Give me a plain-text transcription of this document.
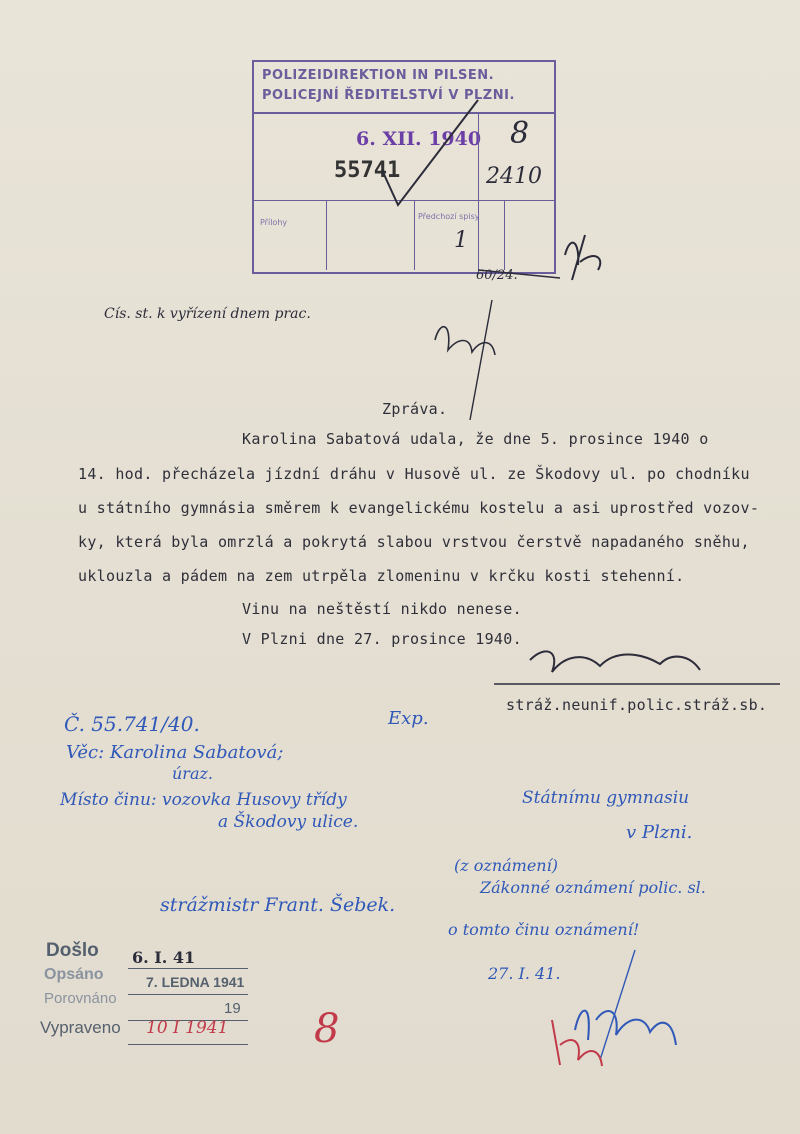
POLIZEIDIREKTION IN PILSEN.
POLICEJNÍ ŘEDITELSTVÍ V PLZNI.
6. XII. 1940
55741
8
2410
Přílohy
Předchozí spisy
1
60/24.
Cís. st. k vyřízení dnem prac.
Zpráva.
Karolina Sabatová udala, že dne 5. prosince 1940 o
14. hod. přecházela jízdní dráhu v Husově ul. ze Škodovy ul. po chodníku
u státního gymnásia směrem k evangelickému kostelu a asi uprostřed vozov-
ky, která byla omrzlá a pokrytá slabou vrstvou čerstvě napadaného sněhu,
uklouzla a pádem na zem utrpěla zlomeninu v krčku kosti stehenní.
Vinu na neštěstí nikdo nenese.
V Plzni dne 27. prosince 1940.
stráž.neunif.polic.stráž.sb.
Č. 55.741/40.	Exp.
Věc: Karolina Sabatová;
úraz.
Místo činu: vozovka Husovy třídy
a Škodovy ulice.
Státnímu gymnasiu
v Plzni.
(z oznámení)
Zákonné oznámení polic. sl.
strážmistr Frant. Šebek.
o tomto činu oznámení!
27. I. 41.
Došlo 6. I. 41
Opsáno	7. LEDNA 1941
Porovnáno
19
Vypraveno 10 I 1941 8
